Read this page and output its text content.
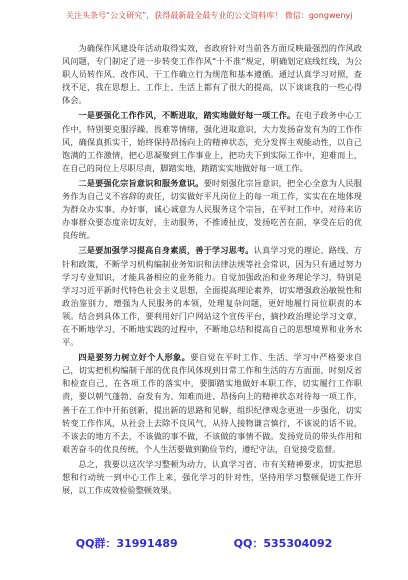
关注头条号“公文研究”，获得最新最全最专业的公文资料库！ 微信：gongwenyj

为确保作风建设年活动取得实效，省政府针对当前各方面反映最强烈的作风政风问题，专门制定了进一步转变工作作风“十不准”规定，明确划定底线红线，为公职人员转作风、改作风、干工作确立行为规范和基本遵循。通过认真学习对照，查找不足，我在思想上、工作上、生活上都有了很大的提高，以下谈谈我的一些心得体会。

一是要强化工作作风，不断进取，踏实地做好每一项工作。在电子政务中心工作中，特别要克服浮躁、畏难等情绪，强化进取意识，大力发扬奋发有为的工作作风，确保真抓实干，始终保持昂扬向上的精神状态，充分发挥主观能动性，以自己饱满的工作激情，把心思凝聚到工作事业上，把功夫下到实际工作中，迎难而上，在自己的岗位上尽职尽责，脚踏实地，踏踏实实地做好每一项工作。

二是要强化宗旨意识和服务意识。要时刻强化宗旨意识，把全心全意为人民服务作为自己义不容辞的责任，切实做好平凡岗位上的每一项工作，实实在在地体现为群众办实事、办好事，诚心诚意为人民服务这个宗旨，在平时工作中，对待来访办事群众要态度亲切友好，主动服务，不推诿扯皮，发扬吃苦在前，享受在后的优良传统。

三是要加强学习提高自身素质，善于学习思考。认真学习党的理论、路线、方针和政策，不断学习机构编制业务知识和法律法规等社会常识，因为只有通过努力学习专业知识，才能具备相应的业务能力。自觉加强政治和业务理论学习，特别是学习习近平新时代特色社会主义思想，全面提高理论素养，切实增强政治敏锐性和政治鉴别力，增强为人民服务的本领，处理复杂问题，更好地履行岗位职责的本领。结合到具体工作，要利用好门户网站这个宣传平台，摘抄政治理论学习文章，在不断地学习、不断地实践的过程中，不断地总结和提高自己的思想境界和业务水平。

四是要努力树立好个人形象。要自觉在平时工作、生活、学习中严格要求自己，切实把机构编制干部的优良作风体现到日常工作和生活的方方面面，时刻反省和检查自己，在各项工作的落实中，要脚踏实地做好本职工作，切实履行工作职责，要以朝气蓬勃、奋发有为、知难而进、昂扬向上的精神状态对待每一项工作，善于在工作中开拓创新，提出新的思路和见解，组织纪律观念更进一步强化，切实转变工作作风，从社会上去除不良风气，从待人接物谦言慎行，不该说的话不说，不该去的地方不去，不该做的事不做，不该做的事情不做。发扬党员的带头作用和艰苦奋斗的优良传统，个人生活要做到勤俭节约，遵纪守法，自觉接受监督。

总之，我要以这次学习整顿为动力，认真学习省、市有关精神要求，切实把思想和行动统一到中心工作上来，强化学习的针对性，坚持用学习整顿促进工作开展，以工作成效检验整顿效果。

QQ群：31991489	QQ：535304092
